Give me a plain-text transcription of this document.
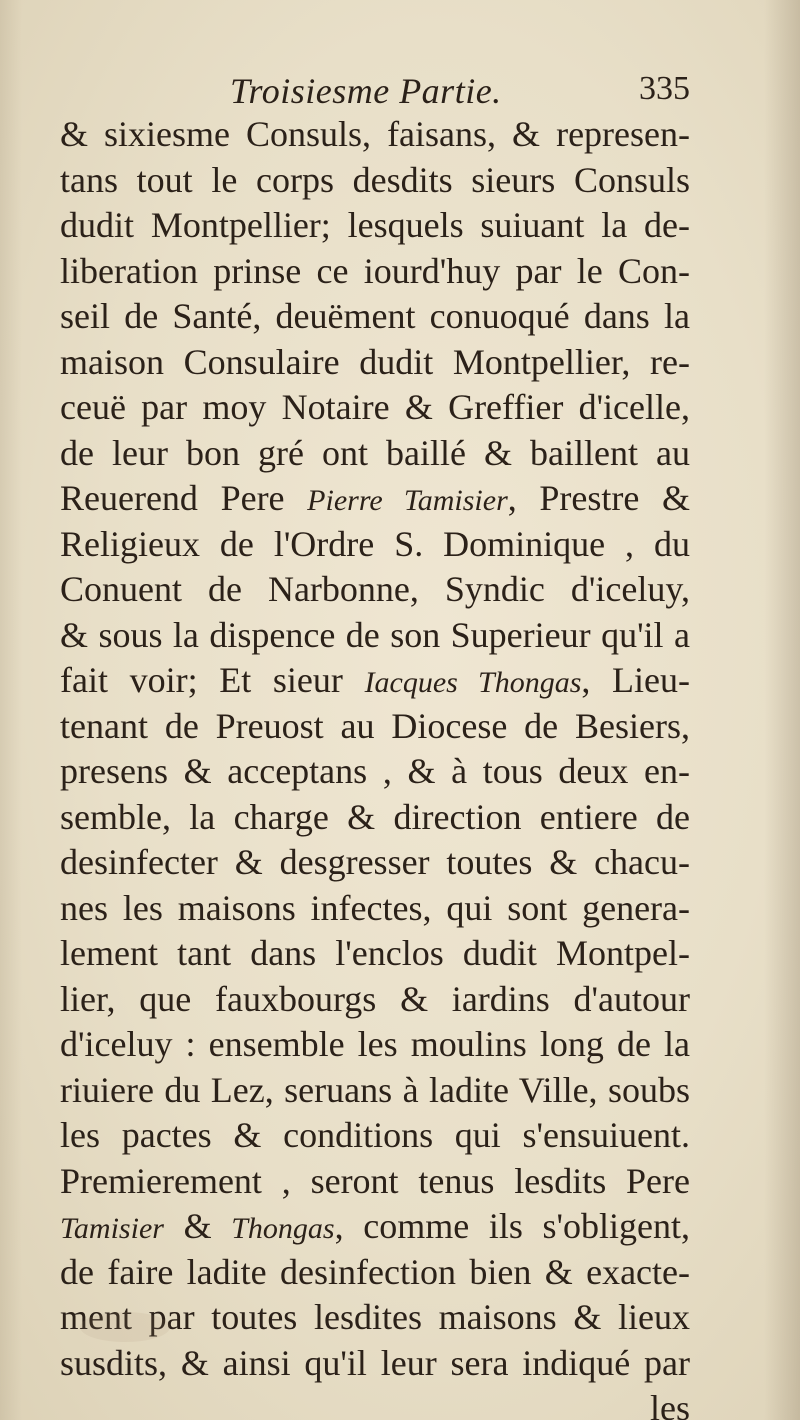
Troisiesme Partie.	335
& sixiesme Consuls, faisans, & represen-
tans tout le corps desdits sieurs Consuls
dudit Montpellier; lesquels suiuant la de-
liberation prinse ce iourd'huy par le Con-
seil de Santé, deuëment conuoqué dans la
maison Consulaire dudit Montpellier, re-
ceuë par moy Notaire & Greffier d'icelle,
de leur bon gré ont baillé & baillent au
Reuerend Pere Pierre Tamisier, Prestre &
Religieux de l'Ordre S. Dominique , du
Conuent de Narbonne, Syndic d'iceluy,
& sous la dispence de son Superieur qu'il a
fait voir; Et sieur Iacques Thongas, Lieu-
tenant de Preuost au Diocese de Besiers,
presens & acceptans , & à tous deux en-
semble, la charge & direction entiere de
desinfecter & desgresser toutes & chacu-
nes les maisons infectes, qui sont genera-
lement tant dans l'enclos dudit Montpel-
lier, que fauxbourgs & iardins d'autour
d'iceluy : ensemble les moulins long de la
riuiere du Lez, seruans à ladite Ville, soubs
les pactes & conditions qui s'ensuiuent.
Premierement , seront tenus lesdits Pere
Tamisier & Thongas, comme ils s'obligent,
de faire ladite desinfection bien & exacte-
ment par toutes lesdites maisons & lieux
susdits, & ainsi qu'il leur sera indiqué par
les
